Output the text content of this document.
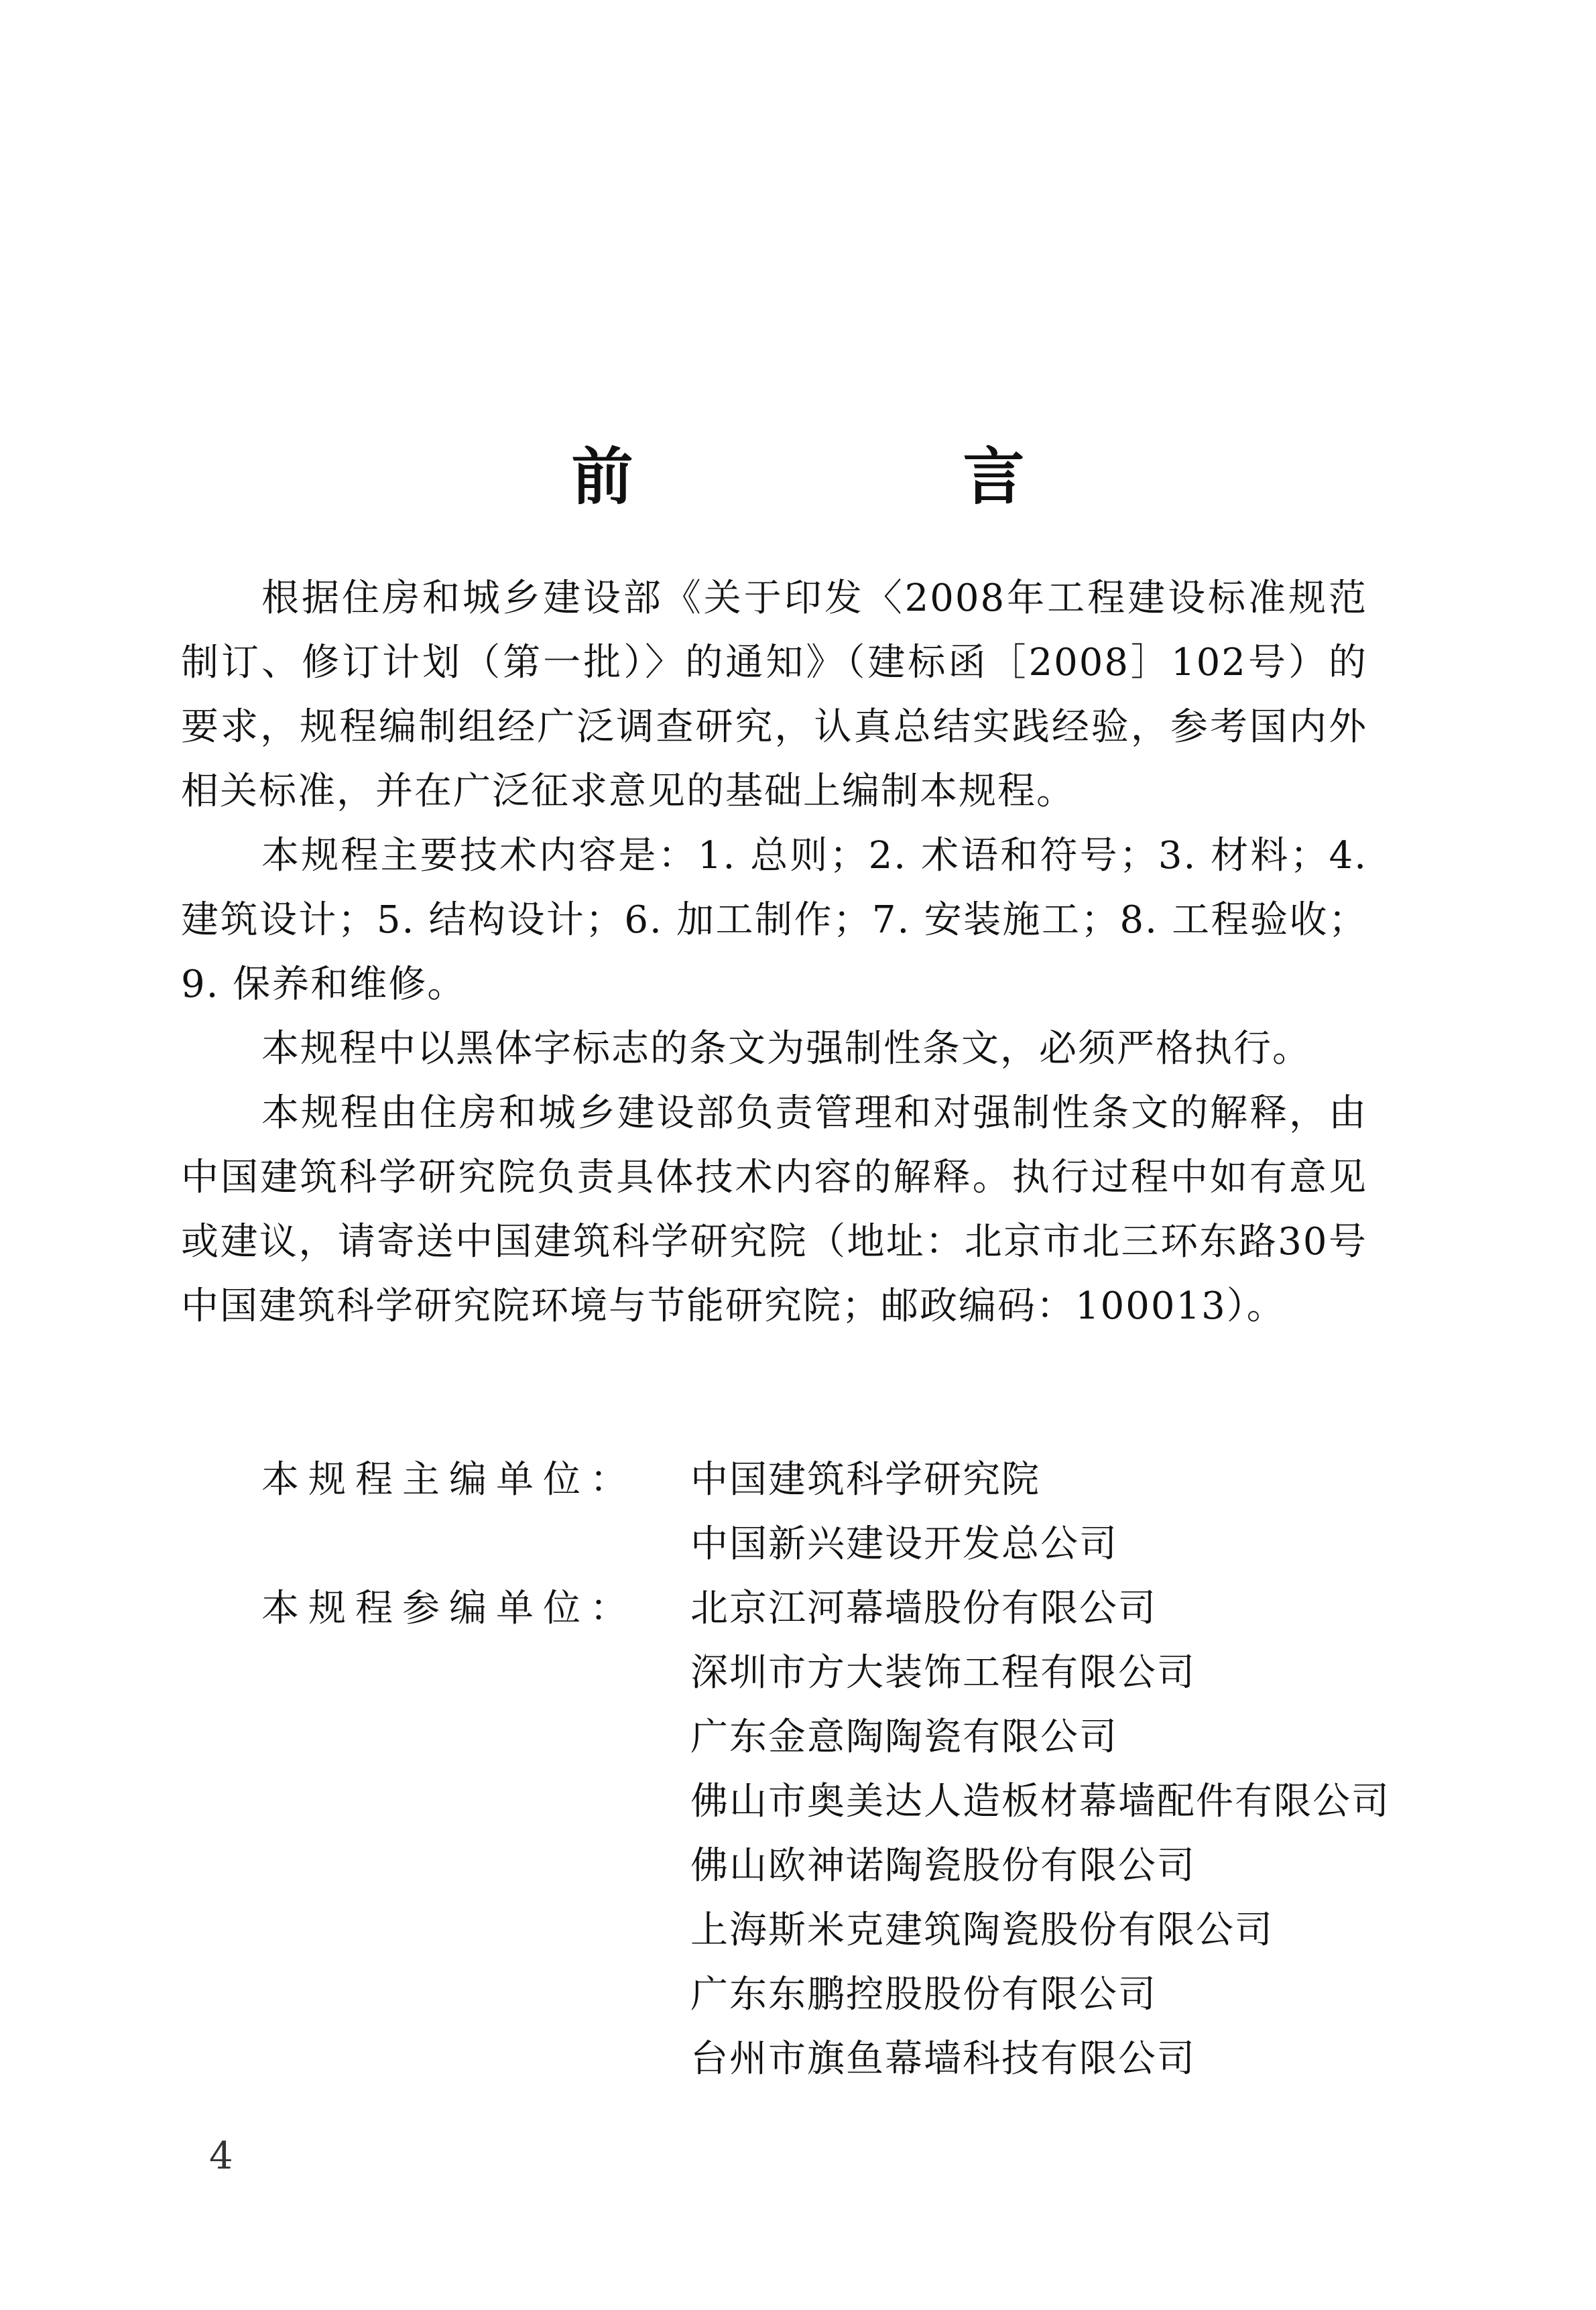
前　言

根据住房和城乡建设部《关于印发〈2008年工程建设标准规范制订、修订计划（第一批）〉的通知》（建标函［2008］102号）的要求，规程编制组经广泛调查研究，认真总结实践经验，参考国内外相关标准，并在广泛征求意见的基础上编制本规程。

本规程主要技术内容是：1. 总则；2. 术语和符号；3. 材料；4. 建筑设计；5. 结构设计；6. 加工制作；7. 安装施工；8. 工程验收；9. 保养和维修。

本规程中以黑体字标志的条文为强制性条文，必须严格执行。

本规程由住房和城乡建设部负责管理和对强制性条文的解释，由中国建筑科学研究院负责具体技术内容的解释。执行过程中如有意见或建议，请寄送中国建筑科学研究院（地址：北京市北三环东路30号中国建筑科学研究院环境与节能研究院；邮政编码：100013）。

本规程主编单位：	中国建筑科学研究院
中国新兴建设开发总公司
本规程参编单位：	北京江河幕墙股份有限公司
深圳市方大装饰工程有限公司
广东金意陶陶瓷有限公司
佛山市奥美达人造板材幕墙配件有限公司
佛山欧神诺陶瓷股份有限公司
上海斯米克建筑陶瓷股份有限公司
广东东鹏控股股份有限公司
台州市旗鱼幕墙科技有限公司
4
